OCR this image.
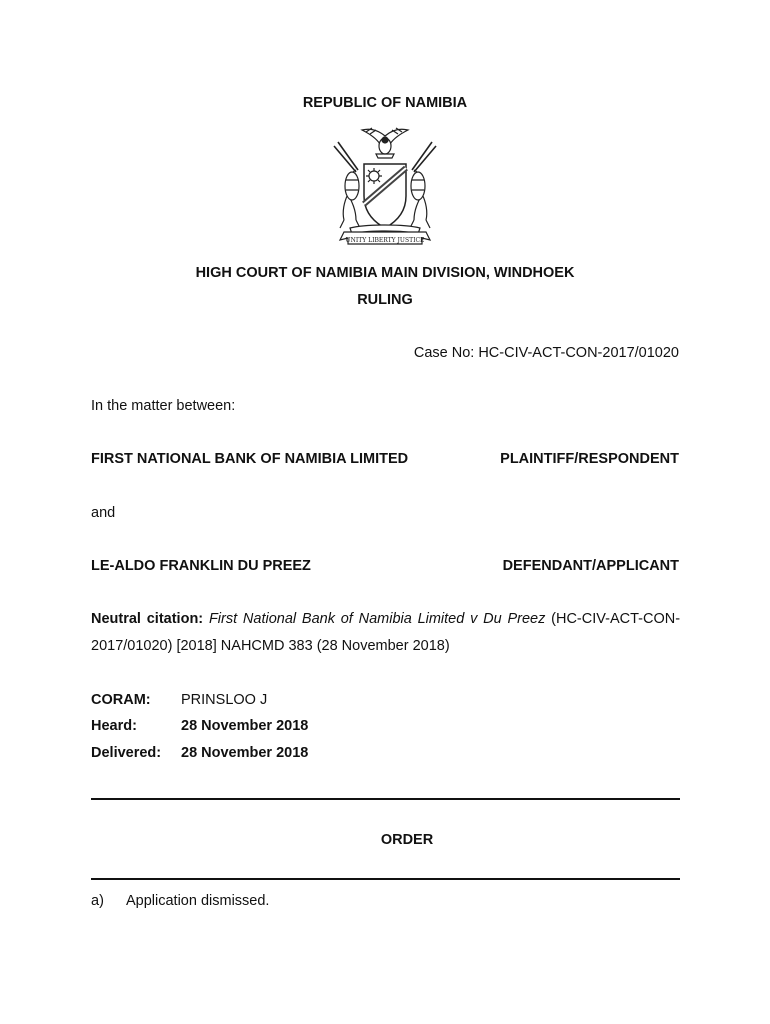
REPUBLIC OF NAMIBIA
UNITY LIBERTY JUSTICE
HIGH COURT OF NAMIBIA MAIN DIVISION, WINDHOEK
RULING
Case No: HC-CIV-ACT-CON-2017/01020
In the matter between:
FIRST NATIONAL BANK OF NAMIBIA LIMITED	PLAINTIFF/RESPONDENT
and
LE-ALDO FRANKLIN DU PREEZ	DEFENDANT/APPLICANT
Neutral citation: First National Bank of Namibia Limited v Du Preez (HC-CIV-ACT-CON-2017/01020) [2018] NAHCMD 383 (28 November 2018)
CORAM: PRINSLOO J
Heard:	28 November 2018
Delivered: 28 November 2018
ORDER
a) Application dismissed.
